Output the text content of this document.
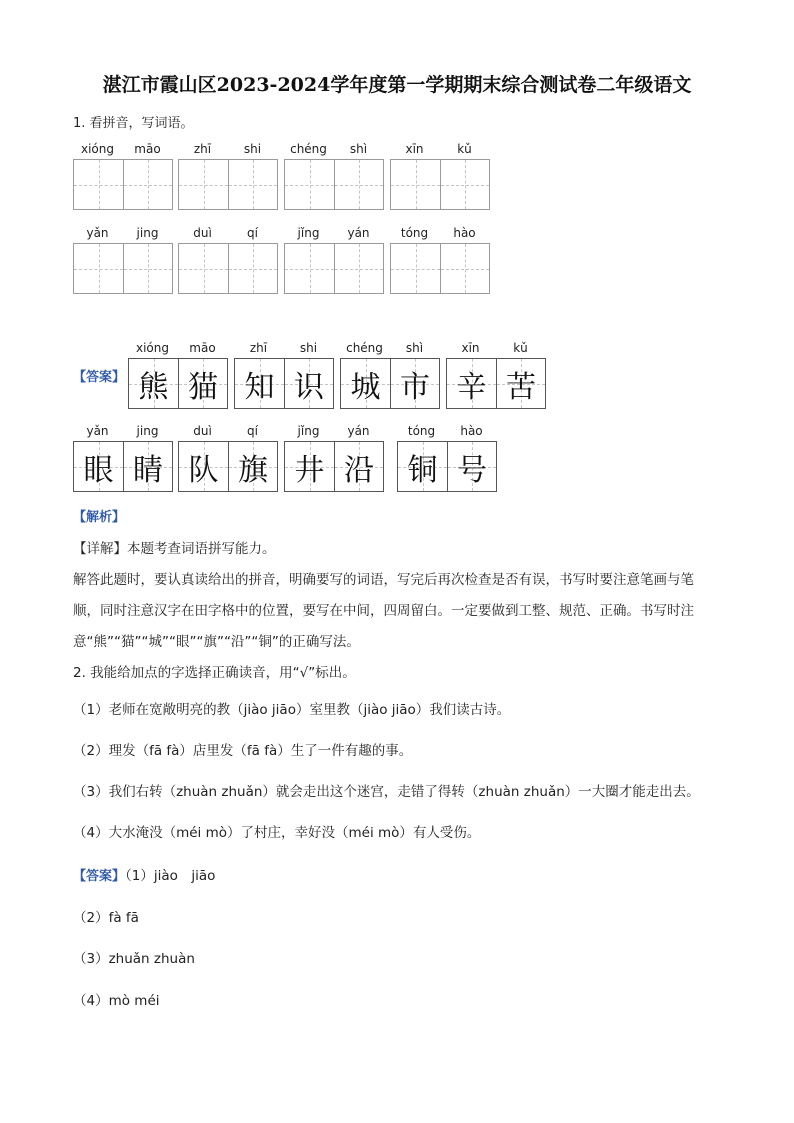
湛江市霞山区2023-2024学年度第一学期期末综合测试卷二年级语文
1. 看拼音，写词语。
xióng	māo	zhī	shi	chéng	shì	xīn	kǔ
yǎn	jing	duì	qí	jǐng	yán	tóng	hào
【答案】
xióng	māo
熊 猫
zhī	shi
知 识
chéng	shì
城 市
xīn	kǔ
辛 苦
yǎn	jing
眼 睛
duì	qí
队 旗
jǐng	yán
井 沿
tóng	hào
铜 号
【解析】
【详解】本题考查词语拼写能力。
解答此题时，要认真读给出的拼音，明确要写的词语，写完后再次检查是否有误，书写时要注意笔画与笔
顺，同时注意汉字在田字格中的位置，要写在中间，四周留白。一定要做到工整、规范、正确。书写时注
意“熊”“猫”“城”“眼”“旗”“沿”“铜”的正确写法。
2. 我能给加点的字选择正确读音，用“√”标出。
（1）老师在宽敞明亮的教（jiào jiāo）室里教（jiào jiāo）我们读古诗。
（2）理发（fā fà）店里发（fā fà）生了一件有趣的事。
（3）我们右转（zhuàn zhuǎn）就会走出这个迷宫，走错了得转（zhuàn zhuǎn）一大圈才能走出去。
（4）大水淹没（méi mò）了村庄，幸好没（méi mò）有人受伤。
【答案】（1）jiào　jiāo
（2）fà fā
（3）zhuǎn zhuàn
（4）mò méi
